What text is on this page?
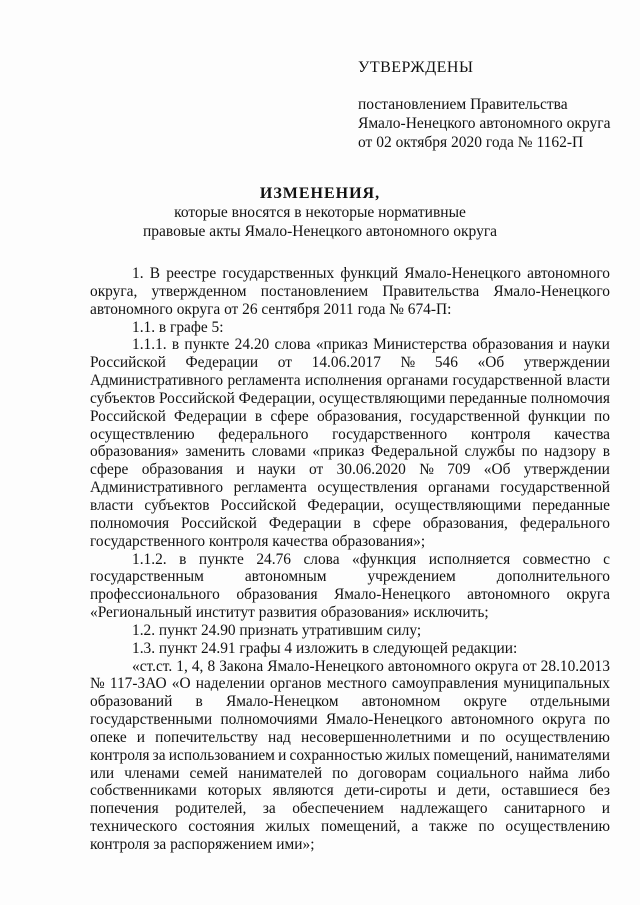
УТВЕРЖДЕНЫ
постановлением Правительства
Ямало-Ненецкого автономного округа
от 02 октября 2020 года № 1162-П
ИЗМЕНЕНИЯ,
которые вносятся в некоторые нормативные
правовые акты Ямало-Ненецкого автономного округа
1. В реестре государственных функций Ямало-Ненецкого автономного
округа, утвержденном постановлением Правительства Ямало-Ненецкого
автономного округа от 26 сентября 2011 года № 674-П:
1.1. в графе 5:
1.1.1. в пункте 24.20 слова «приказ Министерства образования и науки
Российской Федерации от 14.06.2017 № 546 «Об утверждении
Административного регламента исполнения органами государственной власти
субъектов Российской Федерации, осуществляющими переданные полномочия
Российской Федерации в сфере образования, государственной функции по
осуществлению федерального государственного контроля качества
образования» заменить словами «приказ Федеральной службы по надзору в
сфере образования и науки от 30.06.2020 № 709 «Об утверждении
Административного регламента осуществления органами государственной
власти субъектов Российской Федерации, осуществляющими переданные
полномочия Российской Федерации в сфере образования, федерального
государственного контроля качества образования»;
1.1.2. в пункте 24.76 слова «функция исполняется совместно с
государственным	автономным	учреждением	дополнительного
профессионального образования Ямало-Ненецкого автономного округа
«Региональный институт развития образования» исключить;
1.2. пункт 24.90 признать утратившим силу;
1.3. пункт 24.91 графы 4 изложить в следующей редакции:
«ст.ст. 1, 4, 8 Закона Ямало-Ненецкого автономного округа от 28.10.2013
№ 117-ЗАО «О наделении органов местного самоуправления муниципальных
образований в Ямало-Ненецком автономном округе отдельными
государственными полномочиями Ямало-Ненецкого автономного округа по
опеке и попечительству над несовершеннолетними и по осуществлению
контроля за использованием и сохранностью жилых помещений, нанимателями
или членами семей нанимателей по договорам социального найма либо
собственниками которых являются дети-сироты и дети, оставшиеся без
попечения родителей, за обеспечением надлежащего санитарного и
технического состояния жилых помещений, а также по осуществлению
контроля за распоряжением ими»;
